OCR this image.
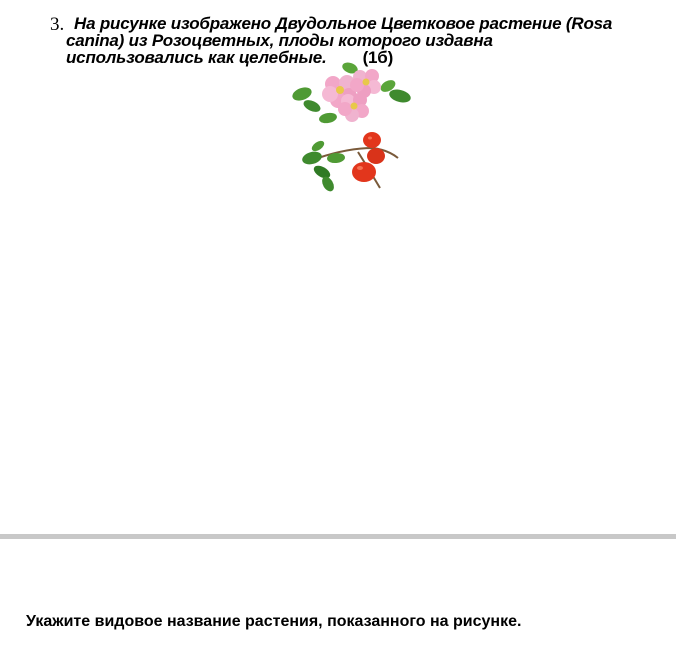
3. На рисунке изображено Двудольное Цветковое растение (Rosa
canina) из Розоцветных, плоды которого издавна
использовались как целебные. (1б)
Укажите видовое название растения, показанного на рисунке.
